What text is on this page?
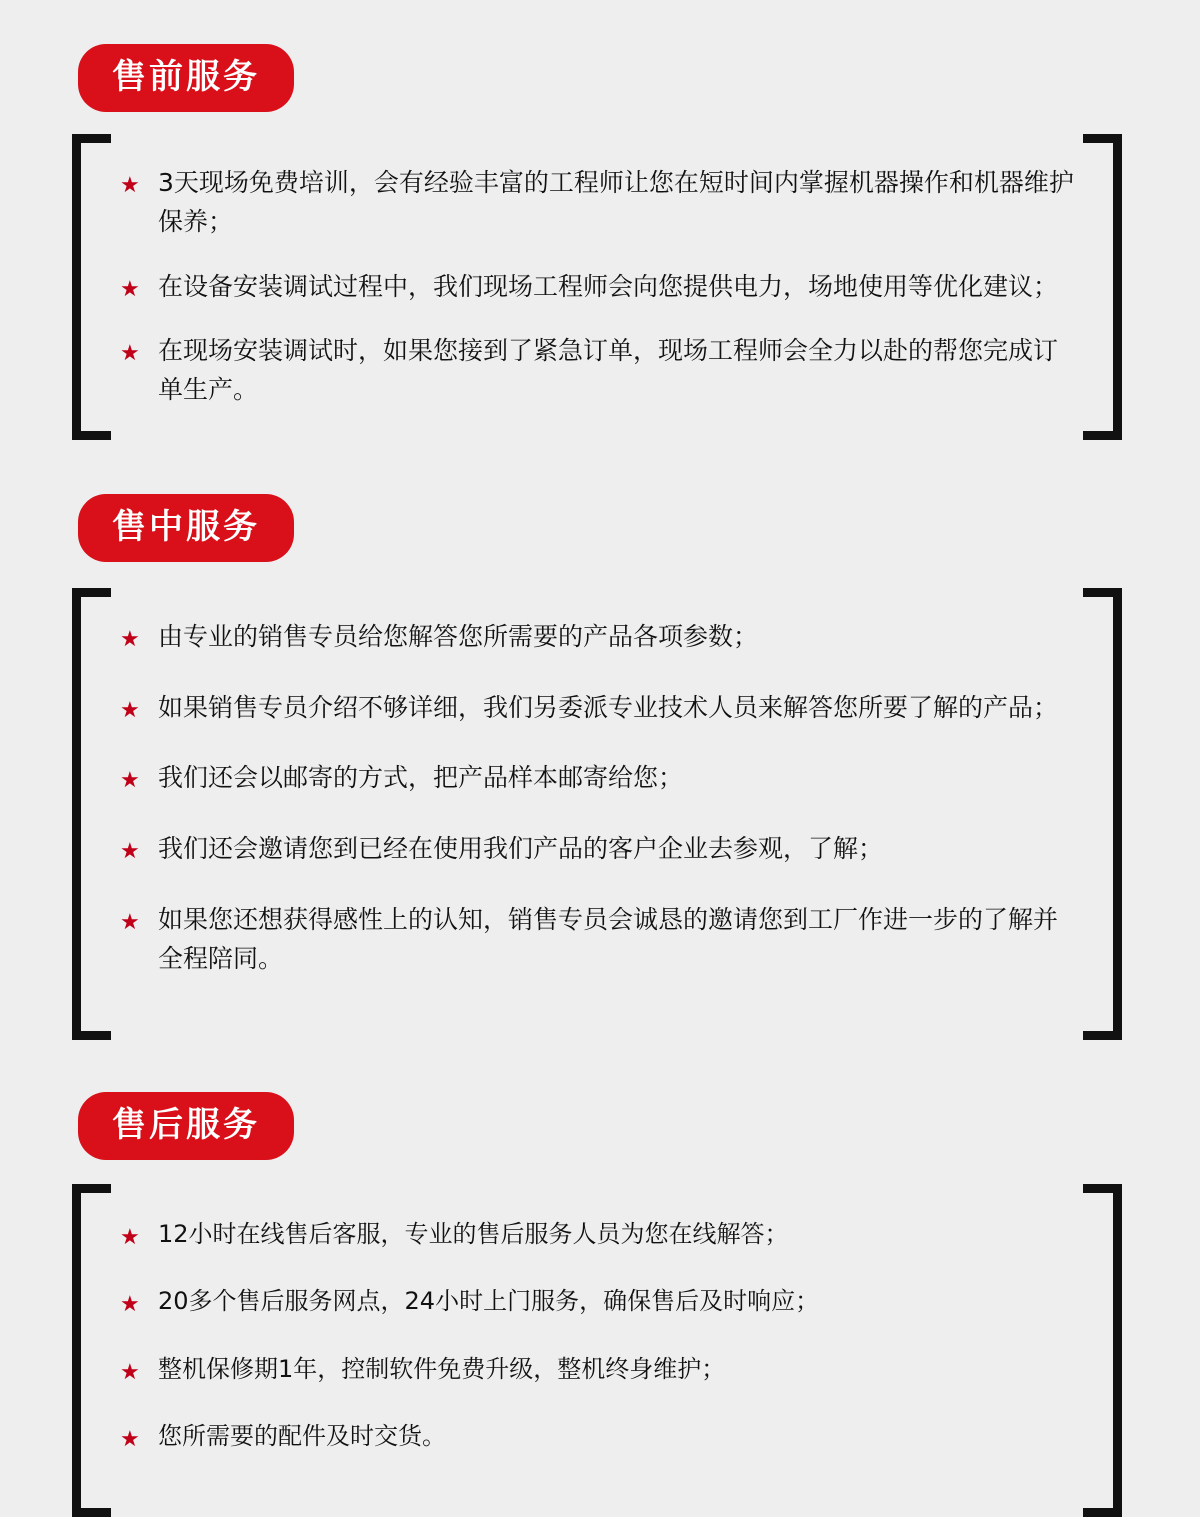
售前服务
★ 3天现场免费培训，会有经验丰富的工程师让您在短时间内掌握机器操作和机器维护保养；
★ 在设备安装调试过程中，我们现场工程师会向您提供电力，场地使用等优化建议；
★ 在现场安装调试时，如果您接到了紧急订单，现场工程师会全力以赴的帮您完成订单生产。
售中服务
★ 由专业的销售专员给您解答您所需要的产品各项参数；
★ 如果销售专员介绍不够详细，我们另委派专业技术人员来解答您所要了解的产品；
★ 我们还会以邮寄的方式，把产品样本邮寄给您；
★ 我们还会邀请您到已经在使用我们产品的客户企业去参观，了解；
★ 如果您还想获得感性上的认知，销售专员会诚恳的邀请您到工厂作进一步的了解并全程陪同。
售后服务
★ 12小时在线售后客服，专业的售后服务人员为您在线解答；
★ 20多个售后服务网点，24小时上门服务，确保售后及时响应；
★ 整机保修期1年，控制软件免费升级，整机终身维护；
★ 您所需要的配件及时交货。
